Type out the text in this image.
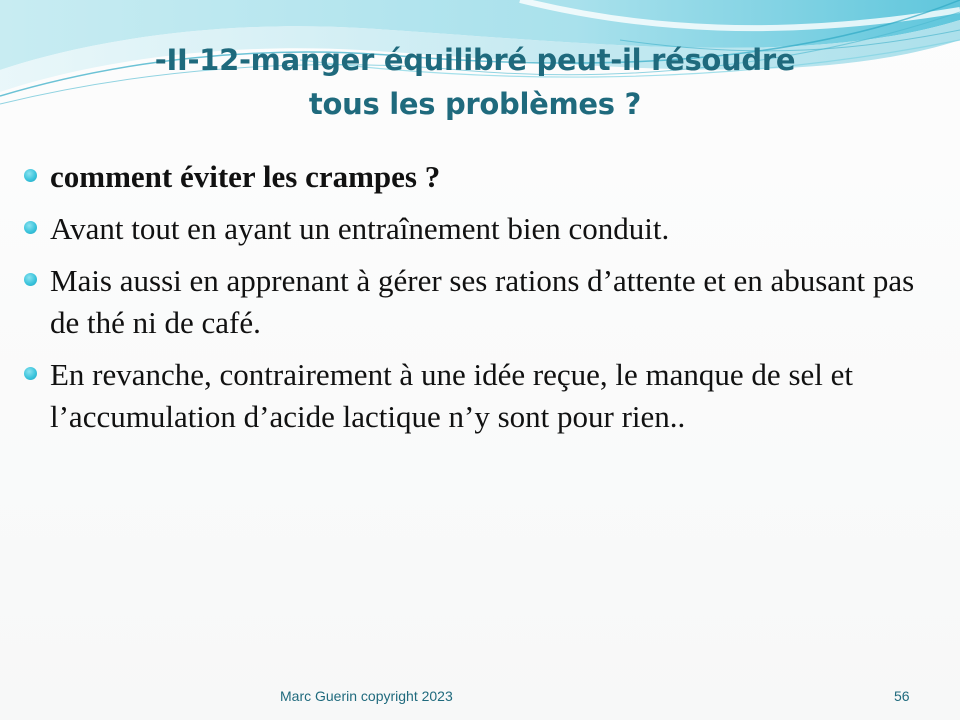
-II-12-manger équilibré peut-il résoudre
tous les problèmes ?
comment éviter les crampes ?
Avant tout en ayant un entraînement bien conduit.
Mais aussi en apprenant à gérer ses rations d’attente et en abusant pas de thé ni de café.
En revanche, contrairement à une idée reçue, le manque de sel et l’accumulation d’acide lactique n’y sont pour rien..
Marc Guerin copyright 2023	56
